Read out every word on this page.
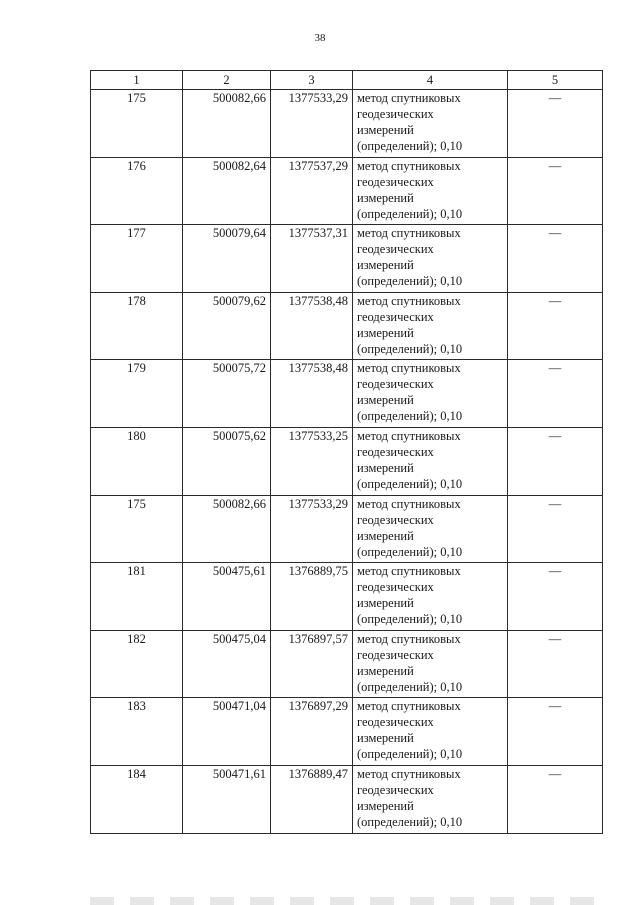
38
1	2	3	4	5
175	500082,66	1377533,29	метод спутниковых
геодезических
измерений
(определений); 0,10	—
176	500082,64	1377537,29	метод спутниковых
геодезических
измерений
(определений); 0,10	—
177	500079,64	1377537,31	метод спутниковых
геодезических
измерений
(определений); 0,10	—
178	500079,62	1377538,48	метод спутниковых
геодезических
измерений
(определений); 0,10	—
179	500075,72	1377538,48	метод спутниковых
геодезических
измерений
(определений); 0,10	—
180	500075,62	1377533,25	метод спутниковых
геодезических
измерений
(определений); 0,10	—
175	500082,66	1377533,29	метод спутниковых
геодезических
измерений
(определений); 0,10	—
181	500475,61	1376889,75	метод спутниковых
геодезических
измерений
(определений); 0,10	—
182	500475,04	1376897,57	метод спутниковых
геодезических
измерений
(определений); 0,10	—
183	500471,04	1376897,29	метод спутниковых
геодезических
измерений
(определений); 0,10	—
184	500471,61	1376889,47	метод спутниковых
геодезических
измерений
(определений); 0,10	—
